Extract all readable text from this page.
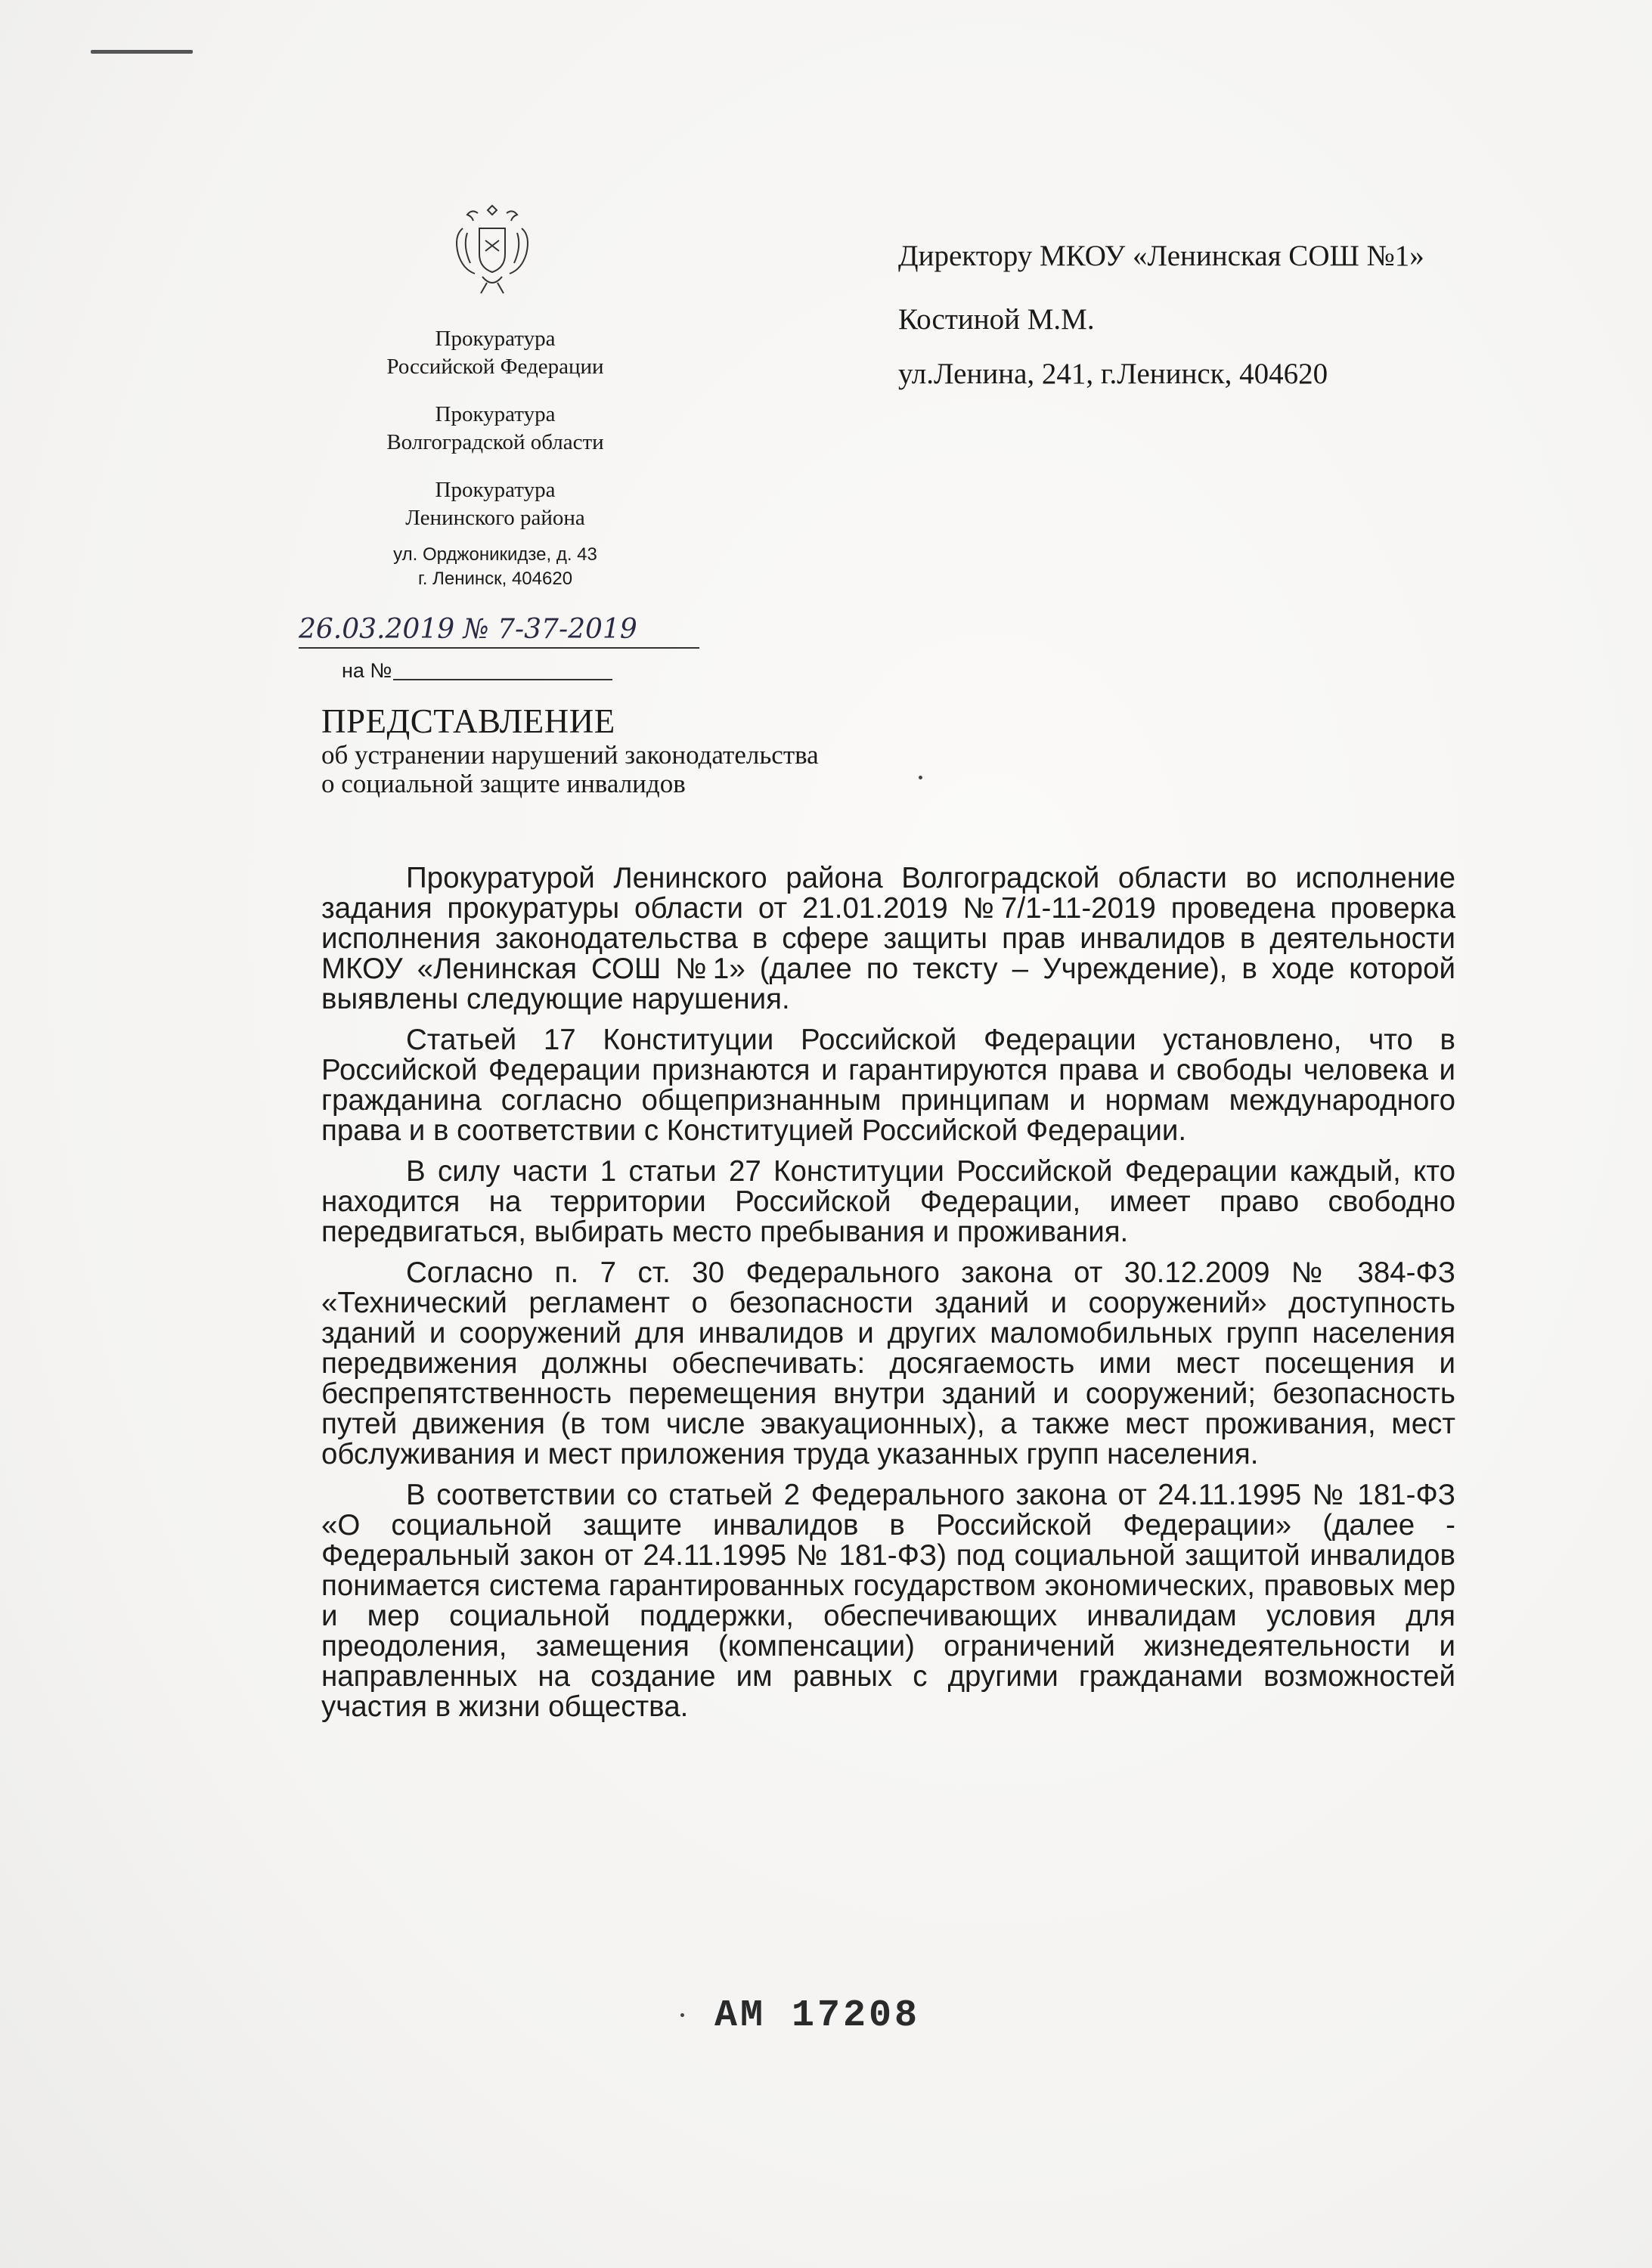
Прокуратура
Российской Федерации
Прокуратура
Волгоградской области
Прокуратура
Ленинского района
ул. Орджоникидзе, д. 43
г. Ленинск, 404620
26.03.2019 № 7-37-2019
на №
Директору МКОУ «Ленинская СОШ №1»
Костиной М.М.
ул.Ленина, 241, г.Ленинск, 404620
ПРЕДСТАВЛЕНИЕ
об устранении нарушений законодательства
о социальной защите инвалидов

Прокуратурой Ленинского района Волгоградской области во исполнение задания прокуратуры области от 21.01.2019 №7/1-11-2019 проведена проверка исполнения законодательства в сфере защиты прав инвалидов в деятельности МКОУ «Ленинская СОШ №1» (далее по тексту – Учреждение), в ходе которой выявлены следующие нарушения.

Статьей 17 Конституции Российской Федерации установлено, что в Российской Федерации признаются и гарантируются права и свободы человека и гражданина согласно общепризнанным принципам и нормам международного права и в соответствии с Конституцией Российской Федерации.

В силу части 1 статьи 27 Конституции Российской Федерации каждый, кто находится на территории Российской Федерации, имеет право свободно передвигаться, выбирать место пребывания и проживания.

Согласно п. 7 ст. 30 Федерального закона от 30.12.2009 № 384-ФЗ «Технический регламент о безопасности зданий и сооружений» доступность зданий и сооружений для инвалидов и других маломобильных групп населения передвижения должны обеспечивать: досягаемость ими мест посещения и беспрепятственность перемещения внутри зданий и сооружений; безопасность путей движения (в том числе эвакуационных), а также мест проживания, мест обслуживания и мест приложения труда указанных групп населения.

В соответствии со статьей 2 Федерального закона от 24.11.1995 № 181-ФЗ «О социальной защите инвалидов в Российской Федерации» (далее - Федеральный закон от 24.11.1995 № 181-ФЗ) под социальной защитой инвалидов понимается система гарантированных государством экономических, правовых мер и мер социальной поддержки, обеспечивающих инвалидам условия для преодоления, замещения (компенсации) ограничений жизнедеятельности и направленных на создание им равных с другими гражданами возможностей участия в жизни общества.

АМ 17208
